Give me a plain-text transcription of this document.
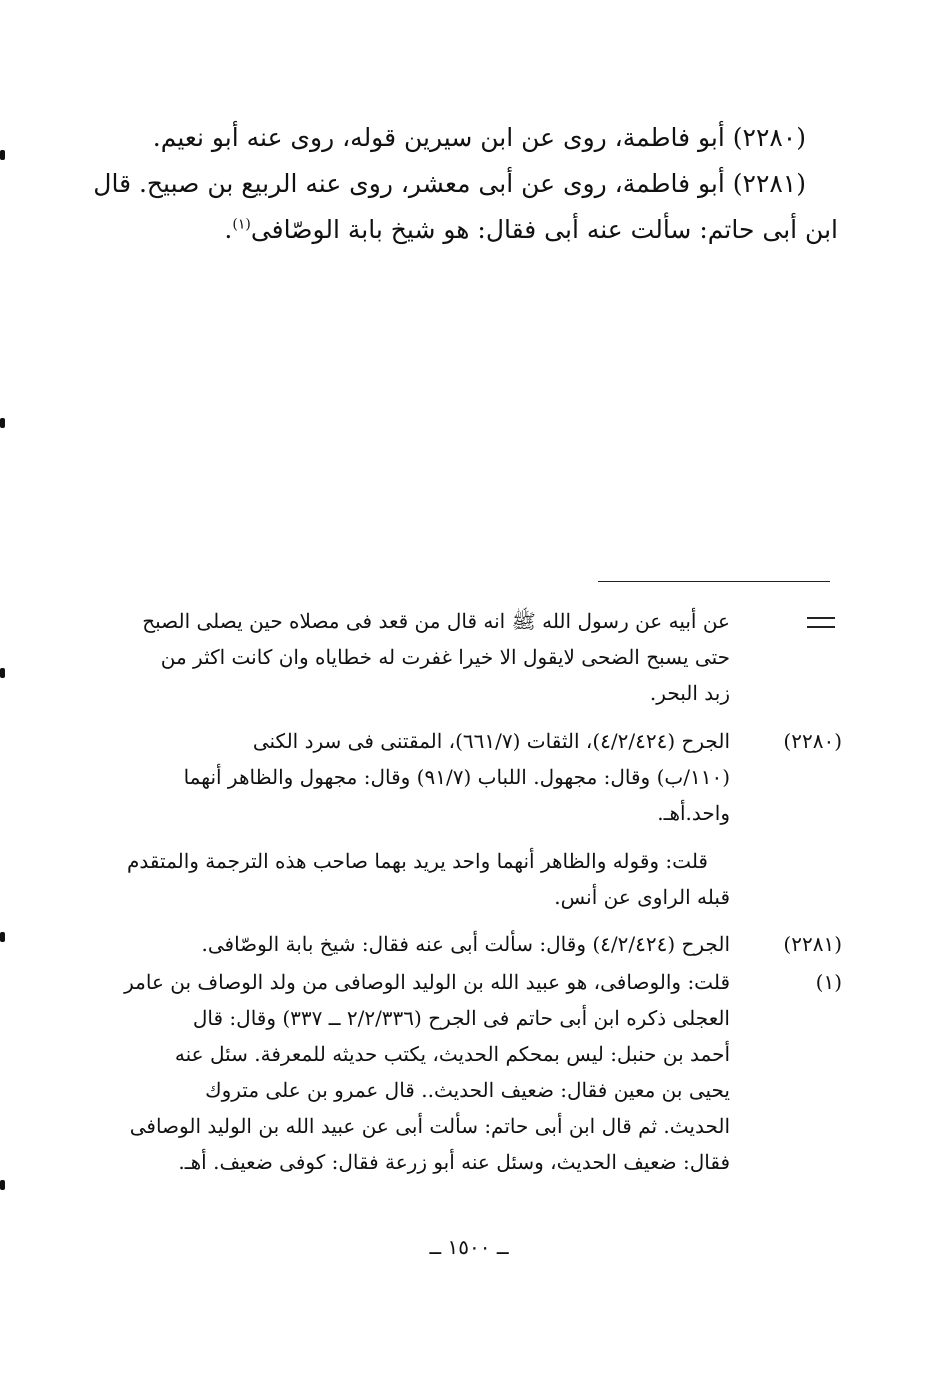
(٢٢٨٠) أبو فاطمة، روى عن ابن سيرين قوله، روى عنه أبو نعيم.
(٢٢٨١) أبو فاطمة، روى عن أبى معشر، روى عنه الربيع بن صبيح. قال
ابن أبى حاتم: سألت عنه أبى فقال: هو شيخ بابة الوصّافى$^{(١)}$.
عن أبيه عن رسول الله ﷺ انه قال من قعد فى مصلاه حين يصلى الصبح
حتى يسبح الضحى لايقول الا خيرا غفرت له خطاياه وان كانت اكثر من
زبد البحر.
(٢٢٨٠)
الجرح (٤/٢/٤٢٤)، الثقات (٦٦١/٧)، المقتنى فى سرد الكنى
(١١٠/ب) وقال: مجهول. اللباب (٩١/٧) وقال: مجهول والظاهر أنهما
واحد.أهـ.
قلت: وقوله والظاهر أنهما واحد يريد بهما صاحب هذه الترجمة والمتقدم
قبله الراوى عن أنس.
(٢٢٨١)
الجرح (٤/٢/٤٢٤) وقال: سألت أبى عنه فقال: شيخ بابة الوصّافى.
(١)
قلت: والوصافى، هو عبيد الله بن الوليد الوصافى من ولد الوصاف بن عامر
العجلى ذكره ابن أبى حاتم فى الجرح (٢/٢/٣٣٦ ــ ٣٣٧) وقال: قال
أحمد بن حنبل: ليس بمحكم الحديث، يكتب حديثه للمعرفة. سئل عنه
يحيى بن معين فقال: ضعيف الحديث.. قال عمرو بن على متروك
الحديث. ثم قال ابن أبى حاتم: سألت أبى عن عبيد الله بن الوليد الوصافى
فقال: ضعيف الحديث، وسئل عنه أبو زرعة فقال: كوفى ضعيف. أهـ.
ــ ١٥٠٠ ــ
